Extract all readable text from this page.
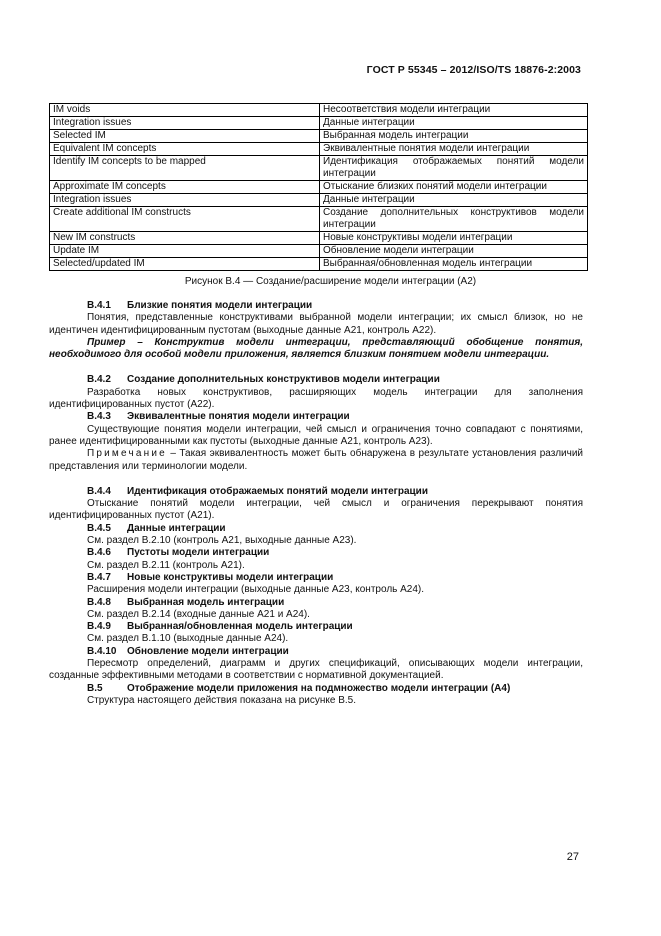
ГОСТ Р 55345 – 2012/ISO/TS 18876-2:2003
IM voids	Несоответствия модели интеграции
Integration issues	Данные интеграции
Selected IM	Выбранная модель интеграции
Equivalent IM concepts	Эквивалентные понятия модели интеграции
Identify IM concepts to be mapped	Идентификация отображаемых понятий модели интеграции
Approximate IM concepts	Отыскание близких понятий модели интеграции
Integration issues	Данные интеграции
Create additional IM constructs	Создание дополнительных конструктивов модели интеграции
New IM constructs	Новые конструктивы модели интеграции
Update IM	Обновление модели интеграции
Selected/updated IM	Выбранная/обновленная модель интеграции
Рисунок В.4 — Создание/расширение модели интеграции (А2)

В.4.1 Близкие понятия модели интеграции

Понятия, представленные конструктивами выбранной модели интеграции; их смысл близок, но не идентичен идентифицированным пустотам (выходные данные А21, контроль А22).

Пример – Конструктив модели интеграции, представляющий обобщение понятия, необходимого для особой модели приложения, является близким понятием модели интеграции.

В.4.2 Создание дополнительных конструктивов модели интеграции

Разработка новых конструктивов, расширяющих модель интеграции для заполнения идентифицированных пустот (А22).

В.4.3 Эквивалентные понятия модели интеграции

Существующие понятия модели интеграции, чей смысл и ограничения точно совпадают с понятиями, ранее идентифицированными как пустоты (выходные данные А21, контроль А23).

Примечание – Такая эквивалентность может быть обнаружена в результате установления различий представления или терминологии модели.

В.4.4 Идентификация отображаемых понятий модели интеграции

Отыскание понятий модели интеграции, чей смысл и ограничения перекрывают понятия идентифицированных пустот (А21).

В.4.5 Данные интеграции

См. раздел В.2.10 (контроль А21, выходные данные А23).

В.4.6 Пустоты модели интеграции

См. раздел В.2.11 (контроль А21).

В.4.7 Новые конструктивы модели интеграции

Расширения модели интеграции (выходные данные А23, контроль А24).

В.4.8 Выбранная модель интеграции

См. раздел В.2.14 (входные данные А21 и А24).

В.4.9 Выбранная/обновленная модель интеграции

См. раздел В.1.10 (выходные данные А24).

В.4.10 Обновление модели интеграции

Пересмотр определений, диаграмм и других спецификаций, описывающих модели интеграции, созданные эффективными методами в соответствии с нормативной документацией.

В.5 Отображение модели приложения на подмножество модели интеграции (А4)

Структура настоящего действия показана на рисунке В.5.

27
